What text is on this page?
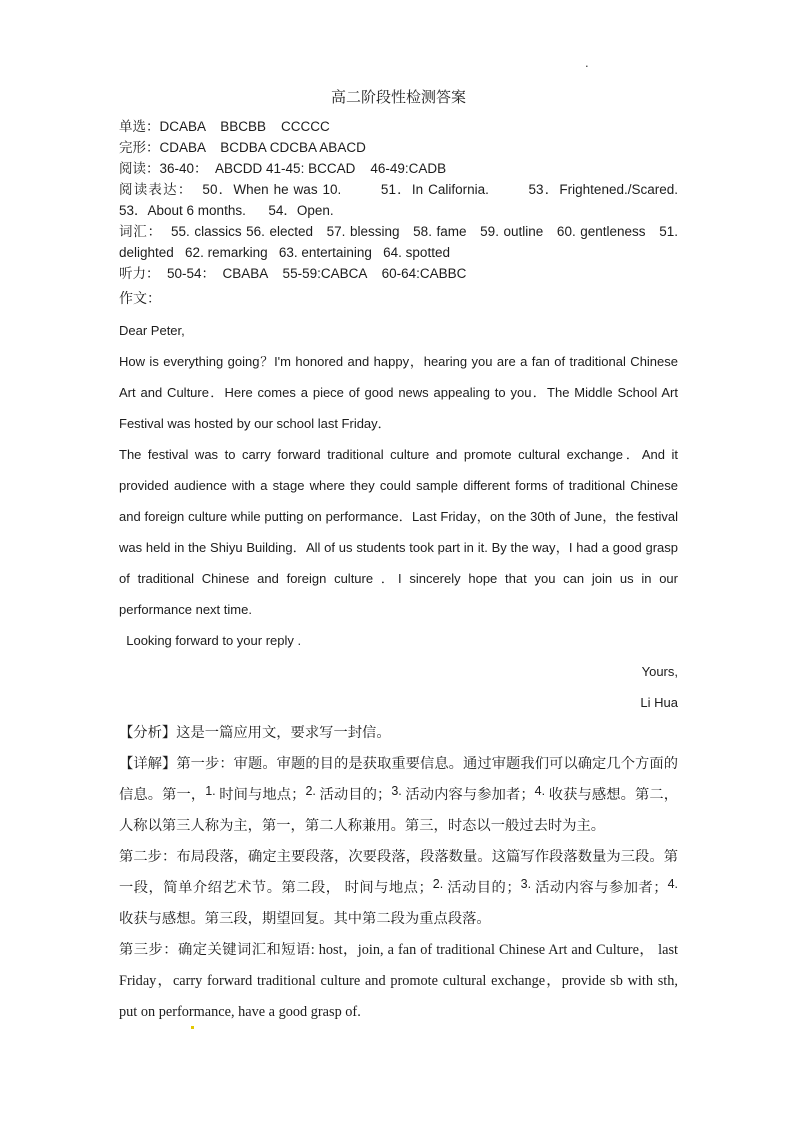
.
高二阶段性检测答案
单选：DCABA    BBCBB    CCCCC
完形：CDABA    BCDBA CDCBA ABACD
阅读：36-40：  ABCDD 41-45: BCCAD    46-49:CADB
阅读表达：  50．When he was 10.        51．In California.        53．Frightened./Scared.
53．About 6 months.      54．Open.
词汇：  55. classics 56. elected   57. blessing   58. fame   59. outline   60. gentleness   51. delighted   62. remarking   63. entertaining   64. spotted
听力：  50-54：  CBABA    55-59:CABCA    60-64:CABBC
作文：

Dear Peter,

How is everything going？I'm honored and happy，hearing you are a fan of traditional Chinese Art and Culture．Here comes a piece of good news appealing to you．The Middle School Art Festival was hosted by our school last Friday．

The festival was to carry forward traditional culture and promote cultural exchange．And it provided audience with a stage where they could sample different forms of traditional Chinese and foreign culture while putting on performance．Last Friday，on the 30th of June，the festival was held in the Shiyu Building．All of us students took part in it. By the way，I had a good grasp of traditional Chinese and foreign culture ．I sincerely hope that you can join us in our performance next time.

Looking forward to your reply .

Yours,

Li Hua

【分析】这是一篇应用文，要求写一封信。

【详解】第一步：审题。审题的目的是获取重要信息。通过审题我们可以确定几个方面的信息。第一，1. 时间与地点；2. 活动目的；3. 活动内容与参加者；4. 收获与感想。第二，人称以第三人称为主，第一，第二人称兼用。第三，时态以一般过去时为主。

第二步：布局段落，确定主要段落，次要段落，段落数量。这篇写作段落数量为三段。第一段，简单介绍艺术节。第二段， 时间与地点；2. 活动目的；3. 活动内容与参加者；4. 收获与感想。第三段，期望回复。其中第二段为重点段落。

第三步：确定关键词汇和短语: host，join, a fan of traditional Chinese Art and Culture， last Friday，carry forward traditional culture and promote cultural exchange，provide sb with sth, put on performance, have a good grasp of.
